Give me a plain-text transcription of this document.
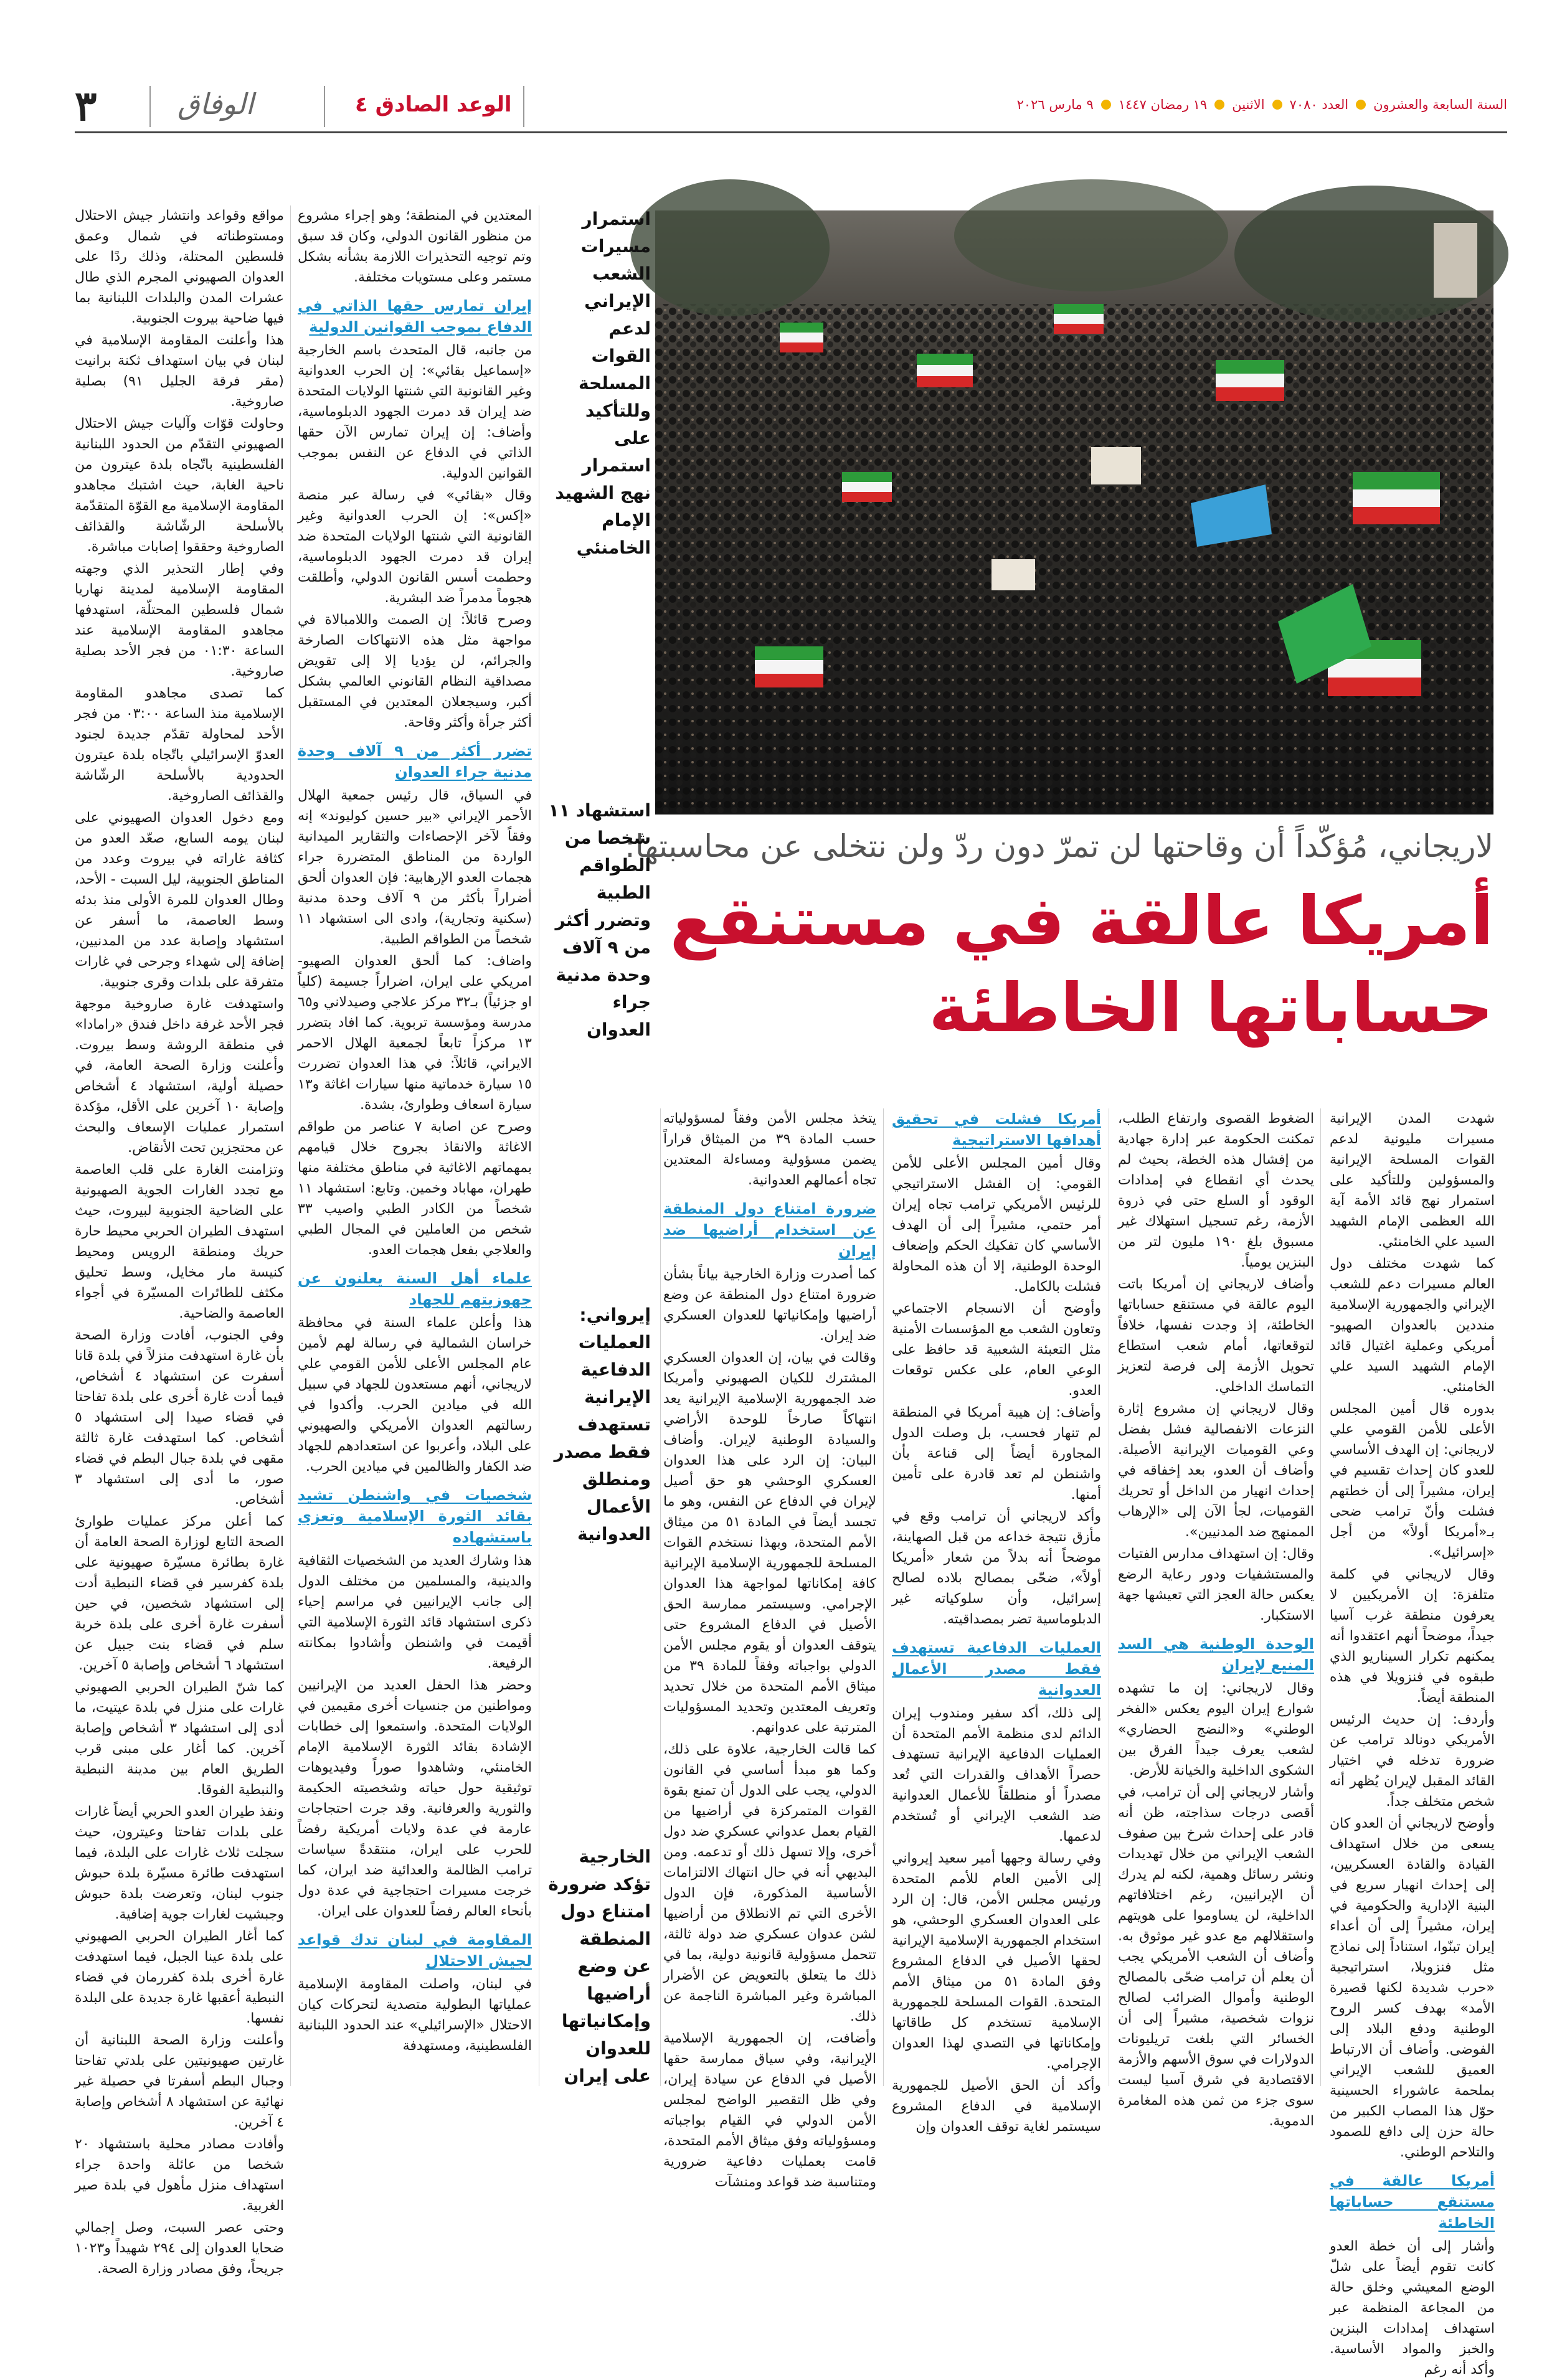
٣	الوفاق	الوعد الصادق ٤	السنة السابعة والعشرون
العدد ٧٠٨٠
الاثنين
١٩ رمضان ١٤٤٧
٩ مارس ٢٠٢٦
لاريجاني، مُؤكّداً أن وقاحتها لن تمرّ دون ردّ ولن نتخلى عن محاسبتها:
أمريكا عالقة في مستنقع
حساباتها الخاطئة
استمرار مسيرات الشعب الإيراني لدعم القوات المسلحة وللتأكيد على استمرار نهج الشهيد الإمام الخامنئي
استشهاد ١١ شخصا من الطواقم الطبية وتضرر أكثر من ٩ آلاف وحدة مدنية جراء العدوان
إيرواني: العمليات الدفاعية الإيرانية تستهدف فقط مصدر ومنطلق الأعمال العدوانية
الخارجية تؤكد ضرورة امتناع دول المنطقة عن وضع أراضيها وإمكانياتها للعدوان على إيران

شهدت المدن الإيرانية مسيرات مليونية لدعم القوات المسلحة الإيرانية والمسؤولين وللتأكيد على استمرار نهج قائد الأمة آية الله العظمى الإمام الشهيد السيد علي الخامنئي.

كما شهدت مختلف دول العالم مسيرات دعم للشعب الإيراني والجمهورية الإسلامية منددين بالعدوان الصهيو-أمريكي وعملية اغتيال قائد الإمام الشهيد السيد علي الخامنئي.

بدوره قال أمين المجلس الأعلى للأمن القومي علي لاريجاني: إن الهدف الأساسي للعدو كان إحداث تقسيم في إيران، مشيراً إلى أن خطتهم فشلت وأنّ ترامب ضحى بـ«أمريكا أولاً» من أجل «إسرائيل».

وقال لاريجاني في كلمة متلفزة: إن الأمريكيين لا يعرفون منطقة غرب آسيا جيداً، موضحاً أنهم اعتقدوا أنه يمكنهم تكرار السيناريو الذي طبقوه في فنزويلا في هذه المنطقة أيضاً.

وأردف: إن حديث الرئيس الأمريكي دونالد ترامب عن ضرورة تدخله في اختيار القائد المقبل لإيران يُظهر أنه شخص متخلف جداً.

وأوضح لاريجاني أن العدو كان يسعى من خلال استهداف القيادة والقادة العسكريين، إلى إحداث انهيار سريع في البنية الإدارية والحكومية في إيران، مشيراً إلى أن أعداء إيران تبنّوا، استناداً إلى نماذج مثل فنزويلا، استراتيجية «حرب شديدة لكنها قصيرة الأمد» بهدف كسر الروح الوطنية ودفع البلاد إلى الفوضى. وأضاف أن الارتباط العميق للشعب الإيراني بملحمة عاشوراء الحسينية حوّل هذا المصاب الكبير من حالة حزن إلى دافع للصمود والتلاحم الوطني.

أمريكا عالقة في مستنقع حساباتها الخاطئة

وأشار إلى أن خطة العدو كانت تقوم أيضاً على شلّ الوضع المعيشي وخلق حالة من المجاعة المنظمة عبر استهداف إمدادات البنزين والخبز والمواد الأساسية. وأكد أنه رغم

الضغوط القصوى وارتفاع الطلب، تمكنت الحكومة عبر إدارة جهادية من إفشال هذه الخطة، بحيث لم يحدث أي انقطاع في إمدادات الوقود أو السلع حتى في ذروة الأزمة، رغم تسجيل استهلاك غير مسبوق بلغ ١٩٠ مليون لتر من البنزين يومياً.

وأضاف لاريجاني إن أمريكا باتت اليوم عالقة في مستنقع حساباتها الخاطئة، إذ وجدت نفسها، خلافاً لتوقعاتها، أمام شعب استطاع تحويل الأزمة إلى فرصة لتعزيز التماسك الداخلي.

وقال لاريجاني إن مشروع إثارة النزعات الانفصالية فشل بفضل وعي القوميات الإيرانية الأصيلة. وأضاف أن العدو، بعد إخفاقه في إحداث انهيار من الداخل أو تحريك القوميات، لجأ الآن إلى «الإرهاب الممنهج ضد المدنيين».

وقال: إن استهداف مدارس الفتيات والمستشفيات ودور رعاية الرضع يعكس حالة العجز التي تعيشها جهة الاستكبار.

الوحدة الوطنية هي السد المنيع لإيران

وقال لاريجاني: إن ما تشهده شوارع إيران اليوم يعكس «الفخر الوطني» و«النضج الحضاري» لشعب يعرف جيداً الفرق بين الشكوى الداخلية والخيانة للأرض.

وأشار لاريجاني إلى أن ترامب، في أقصى درجات سذاجته، ظن أنه قادر على إحداث شرخ بين صفوف الشعب الإيراني من خلال تهديدات ونشر رسائل وهمية، لكنه لم يدرك أن الإيرانيين، رغم اختلافاتهم الداخلية، لن يساوموا على هويتهم واستقلالهم مع عدو غير موثوق به. وأضاف أن الشعب الأمريكي يجب أن يعلم أن ترامب ضحّى بالمصالح الوطنية وأموال الضرائب لصالح نزوات شخصية، مشيراً إلى أن الخسائر التي بلغت تريليونات الدولارات في سوق الأسهم والأزمة الاقتصادية في شرق آسيا ليست سوى جزء من ثمن هذه المغامرة الدموية.

أمريكا فشلت في تحقيق أهدافها الاستراتيجية

وقال أمين المجلس الأعلى للأمن القومي: إن الفشل الاستراتيجي للرئيس الأمريكي ترامب تجاه إيران أمر حتمي، مشيراً إلى أن الهدف الأساسي كان تفكيك الحكم وإضعاف الوحدة الوطنية، إلا أن هذه المحاولة فشلت بالكامل.

وأوضح أن الانسجام الاجتماعي وتعاون الشعب مع المؤسسات الأمنية مثل التعبئة الشعبية قد حافظ على الوعي العام، على عكس توقعات العدو.

وأضاف: إن هيبة أمريكا في المنطقة لم تنهار فحسب، بل وصلت الدول المجاورة أيضاً إلى قناعة بأن واشنطن لم تعد قادرة على تأمين أمنها.

وأكد لاريجاني أن ترامب وقع في مأزق نتيجة خداعه من قبل الصهاينة، موضحاً أنه بدلاً من شعار «أمريكا أولاً»، ضحّى بمصالح بلاده لصالح إسرائيل، وأن سلوكياته غير الدبلوماسية تضر بمصداقيته.

العمليات الدفاعية تستهدف فقط مصدر الأعمال العدوانية

إلى ذلك، أكد سفير ومندوب إيران الدائم لدى منظمة الأمم المتحدة أن العمليات الدفاعية الإيرانية تستهدف حصراً الأهداف والقدرات التي تُعد مصدراً أو منطلقاً للأعمال العدوانية ضد الشعب الإيراني أو تُستخدم لدعمها.

وفي رسالة وجهها أمير سعيد إيرواني إلى الأمين العام للأمم المتحدة ورئيس مجلس الأمن، قال: إن الرد على العدوان العسكري الوحشي، هو استخدام الجمهورية الإسلامية الإيرانية لحقها الأصيل في الدفاع المشروع وفق المادة ٥١ من ميثاق الأمم المتحدة. القوات المسلحة للجمهورية الإسلامية تستخدم كل طاقاتها وإمكاناتها في التصدي لهذا العدوان الإجرامي.

وأكد أن الحق الأصيل للجمهورية الإسلامية في الدفاع المشروع سيستمر لغاية توقف العدوان وإن

يتخذ مجلس الأمن وفقاً لمسؤولياته حسب المادة ٣٩ من الميثاق قراراً يضمن مسؤولية ومساءلة المعتدين تجاه أعمالهم العدوانية.

ضرورة امتناع دول المنطقة عن استخدام أراضيها ضد إيران

كما أصدرت وزارة الخارجية بياناً بشأن ضرورة امتناع دول المنطقة عن وضع أراضيها وإمكانياتها للعدوان العسكري ضد إيران.

وقالت في بيان، إن العدوان العسكري المشترك للكيان الصهيوني وأمريكا ضد الجمهورية الإسلامية الإيرانية يعد انتهاكاً صارخاً للوحدة الأراضي والسيادة الوطنية لإيران. وأضاف البيان: إن الرد على هذا العدوان العسكري الوحشي هو حق أصيل لإيران في الدفاع عن النفس، وهو ما تجسد أيضاً في المادة ٥١ من ميثاق الأمم المتحدة، وبهذا نستخدم القوات المسلحة للجمهورية الإسلامية الإيرانية كافة إمكاناتها لمواجهة هذا العدوان الإجرامي. وسيستمر ممارسة الحق الأصيل في الدفاع المشروع حتى يتوقف العدوان أو يقوم مجلس الأمن الدولي بواجباته وفقاً للمادة ٣٩ من ميثاق الأمم المتحدة من خلال تحديد وتعريف المعتدين وتحديد المسؤوليات المترتبة على عدوانهم.

كما قالت الخارجية، علاوة على ذلك، وكما هو مبدأ أساسي في القانون الدولي، يجب على الدول أن تمنع بقوة القوات المتمركزة في أراضيها من القيام بعمل عدواني عسكري ضد دول أخرى، وإلا تسهل ذلك أو تدعمه. ومن البديهي أنه في حال انتهاك الالتزامات الأساسية المذكورة، فإن الدول الأخرى التي تم الانطلاق من أراضيها لشن عدوان عسكري ضد دولة ثالثة، تتحمل مسؤولية قانونية دولية، بما في ذلك ما يتعلق بالتعويض عن الأضرار المباشرة وغير المباشرة الناجمة عن ذلك.

وأضافت، إن الجمهورية الإسلامية الإيرانية، وفي سياق ممارسة حقها الأصيل في الدفاع عن سيادة إيران، وفي ظل التقصير الواضح لمجلس الأمن الدولي في القيام بواجباته ومسؤولياته وفق ميثاق الأمم المتحدة، قامت بعمليات دفاعية ضرورية ومتناسبة ضد قواعد ومنشآت

المعتدين في المنطقة؛ وهو إجراء مشروع من منظور القانون الدولي، وكان قد سبق وتم توجيه التحذيرات اللازمة بشأنه بشكل مستمر وعلى مستويات مختلفة.

إيران تمارس حقها الذاتي في الدفاع بموجب القوانين الدولية

من جانبه، قال المتحدث باسم الخارجية «إسماعيل بقائي»: إن الحرب العدوانية وغير القانونية التي شنتها الولايات المتحدة ضد إيران قد دمرت الجهود الدبلوماسية، وأضاف: إن إيران تمارس الآن حقها الذاتي في الدفاع عن النفس بموجب القوانين الدولية.

وقال «بقائي» في رسالة عبر منصة «إكس»: إن الحرب العدوانية وغير القانونية التي شنتها الولايات المتحدة ضد إيران قد دمرت الجهود الدبلوماسية، وحطمت أسس القانون الدولي، وأطلقت هجوماً مدمراً ضد البشرية.

وصرح قائلاً: إن الصمت واللامبالاة في مواجهة مثل هذه الانتهاكات الصارخة والجرائم، لن يؤديا إلا إلى تقويض مصداقية النظام القانوني العالمي بشكل أكبر، وسيجعلان المعتدين في المستقبل أكثر جرأة وأكثر وقاحة.

تضرر أكثر من ٩ آلاف وحدة مدنية جراء العدوان

في السياق، قال رئيس جمعية الهلال الأحمر الإيراني «بير حسين كوليوند» إنه وفقاً لآخر الإحصاءات والتقارير الميدانية الواردة من المناطق المتضررة جراء هجمات العدو الإرهابية: فإن العدوان ألحق أضراراً بأكثر من ٩ آلاف وحدة مدنية (سكنية وتجارية)، وادى الى استشهاد ١١ شخصاً من الطواقم الطبية.

واضاف: كما ألحق العدوان الصهيو-امريكي على ايران، اضراراً جسيمة (كلياً او جزئياً) بـ٣٢ مركز علاجي وصيدلاني و٦٥ مدرسة ومؤسسة تربوية. كما افاد بتضرر ١٣ مركزاً تابعاً لجمعية الهلال الاحمر الايراني، قائلاً: في هذا العدوان تضررت ١٥ سيارة خدماتية منها سيارات اغاثة و١٣ سيارة اسعاف وطوارئ، بشدة.

وصرح عن اصابة ٧ عناصر من طواقم الاغاثة والانقاذ بجروح خلال قيامهم بمهماتهم الاغاثية في مناطق مختلفة منها طهران، مهاباد وخمين. وتابع: استشهاد ١١ شخصاً من الكادر الطبي واصيب ٣٣ شخص من العاملين في المجال الطبي والعلاجي بفعل هجمات العدو.

علماء أهل السنة يعلنون عن جهوزيتهم للجهاد

هذا وأعلن علماء السنة في محافظة خراسان الشمالية في رسالة لهم لأمين عام المجلس الأعلى للأمن القومي علي لاريجاني، أنهم مستعدون للجهاد في سبيل الله في ميادين الحرب. وأكدوا في رسالتهم العدوان الأمريكي والصهيوني على البلاد، وأعربوا عن استعدادهم للجهاد ضد الكفار والظالمين في ميادين الحرب.

شخصيات في واشنطن تشيد بقائد الثورة الإسلامية وتعزي باستشهاده

هذا وشارك العديد من الشخصيات الثقافية والدينية، والمسلمين من مختلف الدول إلى جانب الإيرانيين في مراسم إحياء ذكرى استشهاد قائد الثورة الإسلامية التي أقيمت في واشنطن وأشادوا بمكانته الرفيعة.

وحضر هذا الحفل العديد من الإيرانيين ومواطنين من جنسيات أخرى مقيمين في الولايات المتحدة. واستمعوا إلى خطابات الإشادة بقائد الثورة الإسلامية الإمام الخامنئي، وشاهدوا صوراً وفيديوهات توثيقية حول حياته وشخصيته الحكيمة والثورية والعرفانية. وقد جرت احتجاجات عارمة في عدة ولايات أمريكية رفضاً للحرب على ايران، منتقدةً سياسات ترامب الظالمة والعدائية ضد ايران، كما خرجت مسيرات احتجاجية في عدة دول بأنحاء العالم رفضاً للعدوان على ايران.

المقاومة في لبنان تدك قواعد لجيش الاحتلال

في لبنان، واصلت المقاومة الإسلامية عملياتها البطولية متصدية لتحركات كيان الاحتلال «الإسرائيلي» عند الحدود اللبنانية الفلسطينية، ومستهدفة

مواقع وقواعد وانتشار جيش الاحتلال ومستوطناته في شمال وعمق فلسطين المحتلة، وذلك ردًا على العدوان الصهيوني المجرم الذي طال عشرات المدن والبلدات اللبنانية بما فيها ضاحية بيروت الجنوبية.

هذا وأعلنت المقاومة الإسلامية في لبنان في بيان استهداف ثكنة برانيت (مقر فرقة الجليل ٩١) بصلية صاروخية.

وحاولت قوّات وآليات جيش الاحتلال الصهيوني التقدّم من الحدود اللبنانية الفلسطينية باتّجاه بلدة عيترون من ناحية الغابة، حيث اشتبك مجاهدو المقاومة الإسلامية مع القوّة المتقدّمة بالأسلحة الرشّاشة والقذائف الصاروخية وحققوا إصابات مباشرة.

وفي إطار التحذير الذي وجهته المقاومة الإسلامية لمدينة نهاريا شمال فلسطين المحتلّة، استهدفها مجاهدو المقاومة الإسلامية عند الساعة ٠١:٣٠ من فجر الأحد بصلية صاروخية.

كما تصدى مجاهدو المقاومة الإسلامية منذ الساعة ٠٣:٠٠ من فجر الأحد لمحاولة تقدّم جديدة لجنود العدوّ الإسرائيلي باتّجاه بلدة عيترون الحدودية بالأسلحة الرشّاشة والقذائف الصاروخية.

ومع دخول العدوان الصهيوني على لبنان يومه السابع، صعّد العدو من كثافة غاراته في بيروت وعدد من المناطق الجنوبية، ليل السبت - الأحد، وطال العدوان للمرة الأولى منذ بدئه وسط العاصمة، ما أسفر عن استشهاد وإصابة عدد من المدنيين، إضافة إلى شهداء وجرحى في غارات متفرقة على بلدات وقرى جنوبية.

واستهدفت غارة صاروخية موجهة فجر الأحد غرفة داخل فندق «رامادا» في منطقة الروشة وسط بيروت. وأعلنت وزارة الصحة العامة، في حصيلة أولية، استشهاد ٤ أشخاص وإصابة ١٠ آخرين على الأقل، مؤكدة استمرار عمليات الإسعاف والبحث عن محتجزين تحت الأنقاض.

وتزامنت الغارة على قلب العاصمة مع تجدد الغارات الجوية الصهيونية على الضاحية الجنوبية لبيروت، حيث استهدف الطيران الحربي محيط حارة حريك ومنطقة الرويس ومحيط كنيسة مار مخايل، وسط تحليق مكثف للطائرات المسيّرة في أجواء العاصمة والضاحية.

وفي الجنوب، أفادت وزارة الصحة بأن غارة استهدفت منزلاً في بلدة قانا أسفرت عن استشهاد ٤ أشخاص، فيما أدت غارة أخرى على بلدة تفاحتا في قضاء صيدا إلى استشهاد ٥ أشخاص. كما استهدفت غارة ثالثة مقهى في بلدة جبال البطم في قضاء صور، ما أدى إلى استشهاد ٣ أشخاص.

كما أعلن مركز عمليات طوارئ الصحة التابع لوزارة الصحة العامة أن غارة بطائرة مسيّرة صهيونية على بلدة كفرسير في قضاء النبطية أدت إلى استشهاد شخصين، في حين أسفرت غارة أخرى على بلدة خربة سلم في قضاء بنت جبيل عن استشهاد ٦ أشخاص وإصابة ٥ آخرين.

كما شنّ الطيران الحربي الصهيوني غارات على منزل في بلدة عيتيت، ما أدى إلى استشهاد ٣ أشخاص وإصابة آخرين. كما أغار على مبنى قرب الطريق العام بين مدينة النبطية والنبطية الفوقا.

ونفذ طيران العدو الحربي أيضاً غارات على بلدات تفاحتا وعيترون، حيث سجلت ثلاث غارات على البلدة، فيما استهدفت طائرة مسيّرة بلدة حبوش جنوب لبنان، وتعرضت بلدة حبوش وجبشيت لغارات جوية إضافية.

كما أغار الطيران الحربي الصهيوني على بلدة عينا الجبل، فيما استهدفت غارة أخرى بلدة كفررمان في قضاء النبطية أعقبها غارة جديدة على البلدة نفسها.

وأعلنت وزارة الصحة اللبنانية أن غارتين صهيونيتين على بلدتي تفاحتا وجبال البطم أسفرتا في حصيلة غير نهائية عن استشهاد ٨ أشخاص وإصابة ٤ آخرين.

وأفادت مصادر محلية باستشهاد ٢٠ شخصا من عائلة واحدة جراء استهداف منزل مأهول في بلدة صير الغربية.

وحتى عصر السبت، وصل إجمالي ضحايا العدوان إلى ٢٩٤ شهيداً و١٠٢٣ جريحاً، وفق مصادر وزارة الصحة.
